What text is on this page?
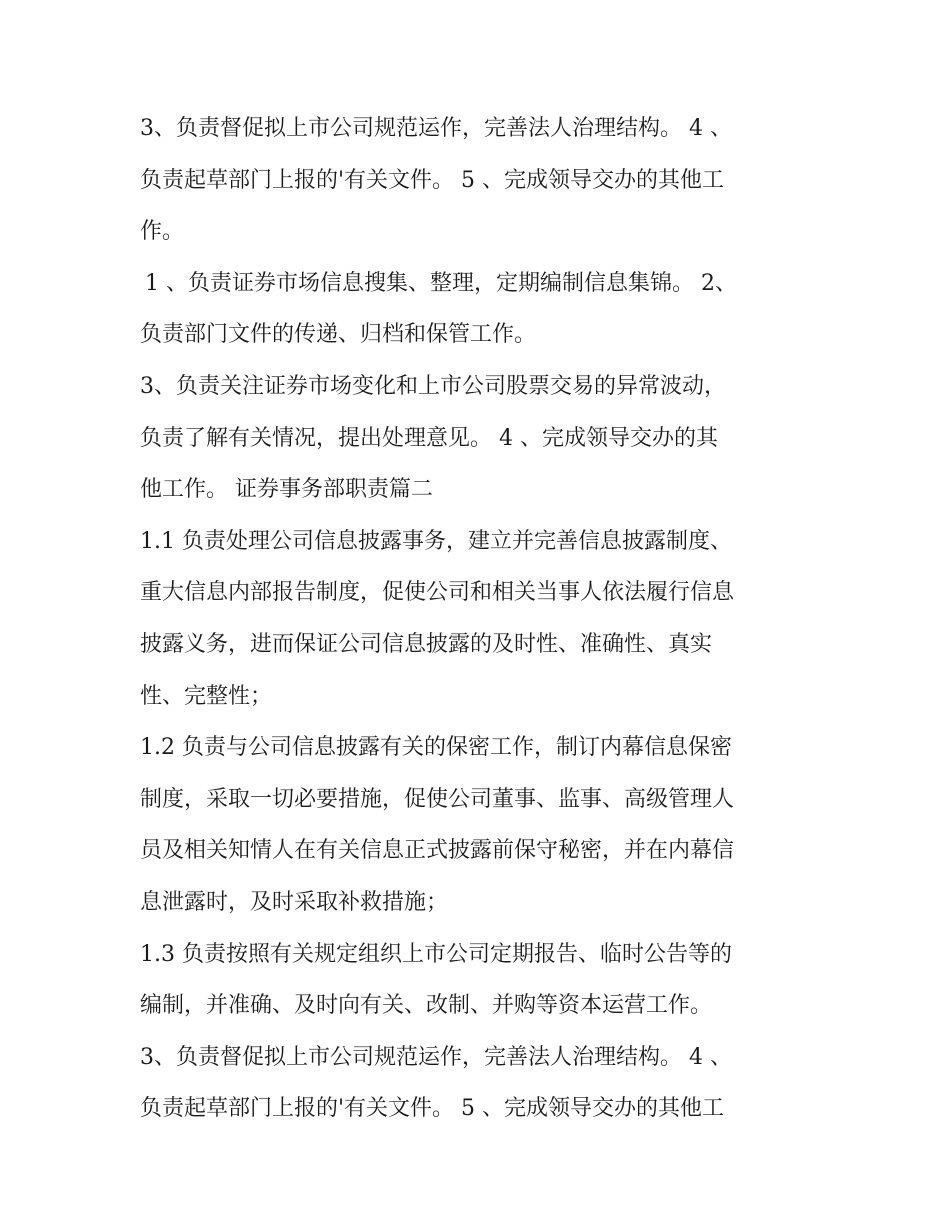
3、负责督促拟上市公司规范运作，完善法人治理结构。 4 、
负责起草部门上报的'有关文件。 5 、完成领导交办的其他工
作。
1 、负责证券市场信息搜集、整理，定期编制信息集锦。 2、
负责部门文件的传递、归档和保管工作。
3、负责关注证券市场变化和上市公司股票交易的异常波动，
负责了解有关情况，提出处理意见。 4 、完成领导交办的其
他工作。 证券事务部职责篇二
1.1 负责处理公司信息披露事务，建立并完善信息披露制度、
重大信息内部报告制度，促使公司和相关当事人依法履行信息
披露义务，进而保证公司信息披露的及时性、准确性、真实
性、完整性；
1.2 负责与公司信息披露有关的保密工作，制订内幕信息保密
制度，采取一切必要措施，促使公司董事、监事、高级管理人
员及相关知情人在有关信息正式披露前保守秘密，并在内幕信
息泄露时，及时采取补救措施；
1.3 负责按照有关规定组织上市公司定期报告、临时公告等的
编制，并准确、及时向有关、改制、并购等资本运营工作。
3、负责督促拟上市公司规范运作，完善法人治理结构。 4 、
负责起草部门上报的'有关文件。 5 、完成领导交办的其他工
